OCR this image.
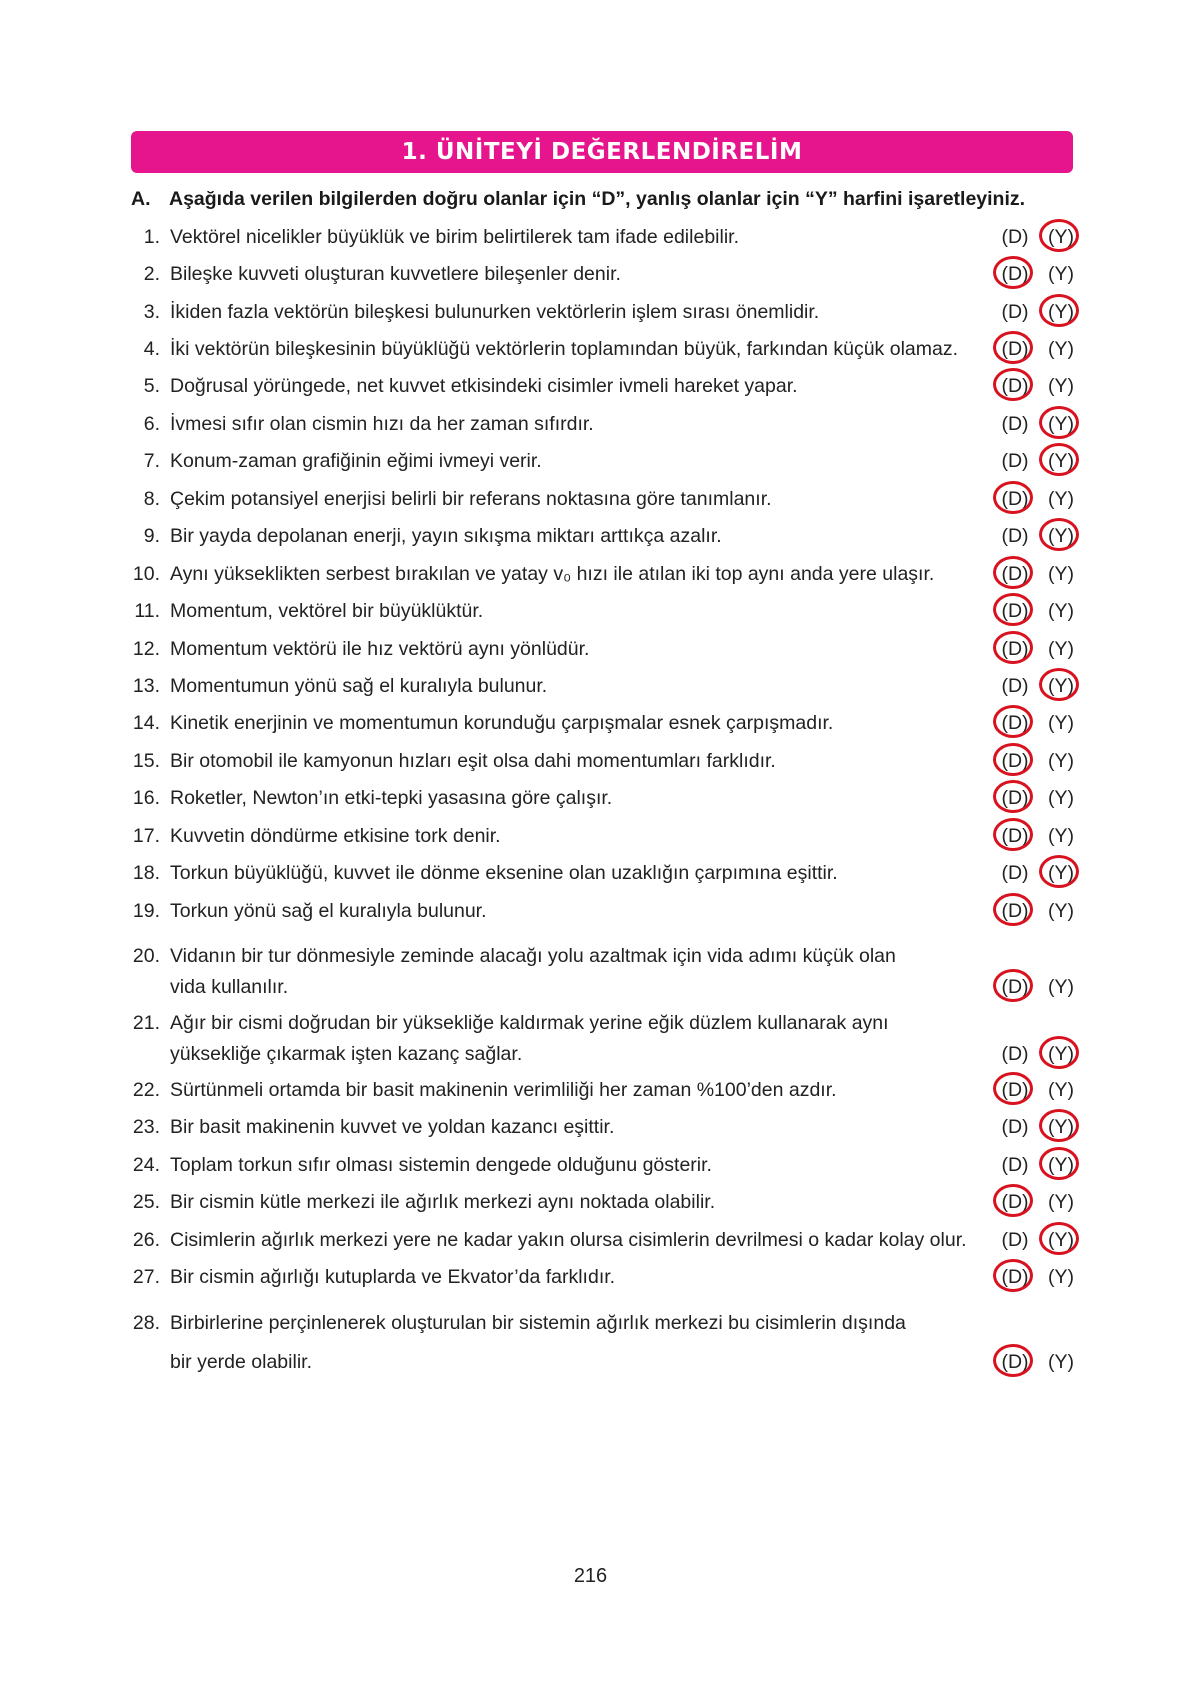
1. ÜNİTEYİ DEĞERLENDİRELİM
A. Aşağıda verilen bilgilerden doğru olanlar için “D”, yanlış olanlar için “Y” harfini işaretleyiniz.
1. Vektörel nicelikler büyüklük ve birim belirtilerek tam ifade edilebilir.	(D) (Y)
2. Bileşke kuvveti oluşturan kuvvetlere bileşenler denir.	(D) (Y)
3. İkiden fazla vektörün bileşkesi bulunurken vektörlerin işlem sırası önemlidir.	(D) (Y)
4. İki vektörün bileşkesinin büyüklüğü vektörlerin toplamından büyük, farkından küçük olamaz.	(D) (Y)
5. Doğrusal yörüngede, net kuvvet etkisindeki cisimler ivmeli hareket yapar.	(D) (Y)
6. İvmesi sıfır olan cismin hızı da her zaman sıfırdır.	(D) (Y)
7. Konum-zaman grafiğinin eğimi ivmeyi verir.	(D) (Y)
8. Çekim potansiyel enerjisi belirli bir referans noktasına göre tanımlanır.	(D) (Y)
9. Bir yayda depolanan enerji, yayın sıkışma miktarı arttıkça azalır.	(D) (Y)
10. Aynı yükseklikten serbest bırakılan ve yatay v₀ hızı ile atılan iki top aynı anda yere ulaşır.	(D) (Y)
11. Momentum, vektörel bir büyüklüktür.	(D) (Y)
12. Momentum vektörü ile hız vektörü aynı yönlüdür.	(D) (Y)
13. Momentumun yönü sağ el kuralıyla bulunur.	(D) (Y)
14. Kinetik enerjinin ve momentumun korunduğu çarpışmalar esnek çarpışmadır.	(D) (Y)
15. Bir otomobil ile kamyonun hızları eşit olsa dahi momentumları farklıdır.	(D) (Y)
16. Roketler, Newton’ın etki-tepki yasasına göre çalışır.	(D) (Y)
17. Kuvvetin döndürme etkisine tork denir.	(D) (Y)
18. Torkun büyüklüğü, kuvvet ile dönme eksenine olan uzaklığın çarpımına eşittir.	(D) (Y)
19. Torkun yönü sağ el kuralıyla bulunur.	(D) (Y)
20. Vidanın bir tur dönmesiyle zeminde alacağı yolu azaltmak için vida adımı küçük olan
vida kullanılır.	(D) (Y)
21. Ağır bir cismi doğrudan bir yüksekliğe kaldırmak yerine eğik düzlem kullanarak aynı
yüksekliğe çıkarmak işten kazanç sağlar.	(D) (Y)
22. Sürtünmeli ortamda bir basit makinenin verimliliği her zaman %100’den azdır.	(D) (Y)
23. Bir basit makinenin kuvvet ve yoldan kazancı eşittir.	(D) (Y)
24. Toplam torkun sıfır olması sistemin dengede olduğunu gösterir.	(D) (Y)
25. Bir cismin kütle merkezi ile ağırlık merkezi aynı noktada olabilir.	(D) (Y)
26. Cisimlerin ağırlık merkezi yere ne kadar yakın olursa cisimlerin devrilmesi o kadar kolay olur.	(D) (Y)
27. Bir cismin ağırlığı kutuplarda ve Ekvator’da farklıdır.	(D) (Y)
28. Birbirlerine perçinlenerek oluşturulan bir sistemin ağırlık merkezi bu cisimlerin dışında
bir yerde olabilir.	(D) (Y)
216
